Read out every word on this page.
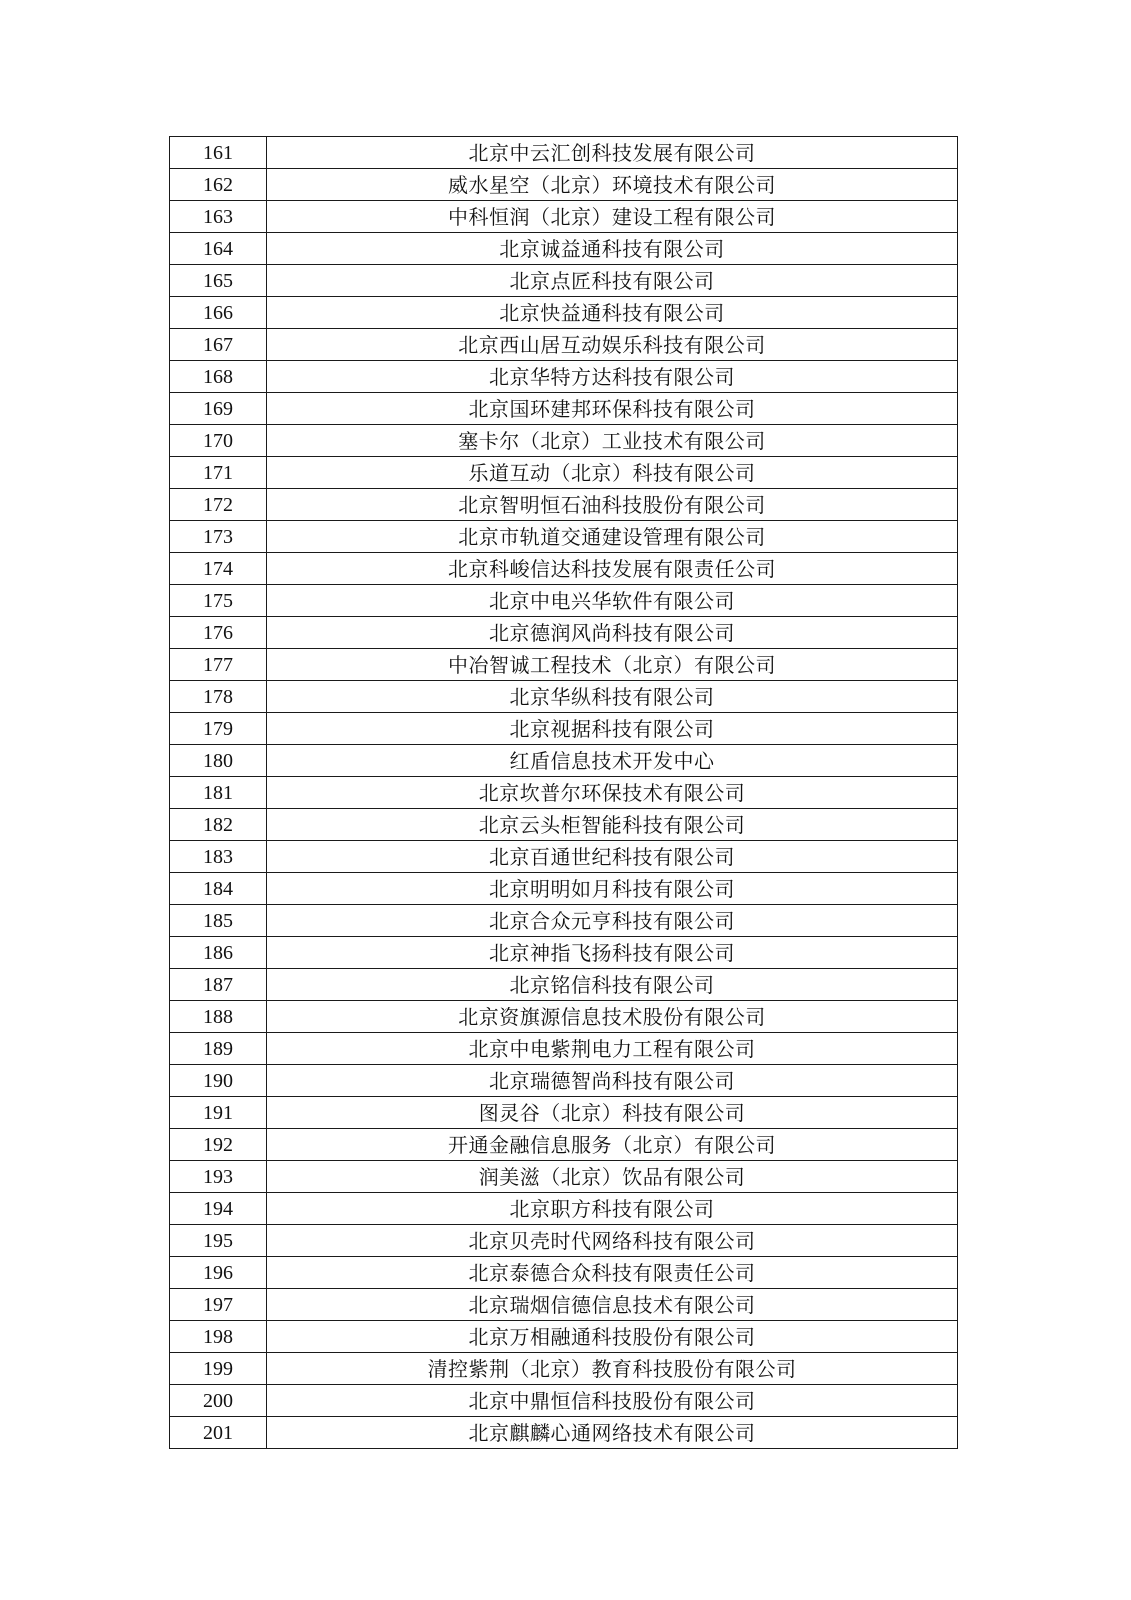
161	北京中云汇创科技发展有限公司
162	威水星空（北京）环境技术有限公司
163	中科恒润（北京）建设工程有限公司
164	北京诚益通科技有限公司
165	北京点匠科技有限公司
166	北京快益通科技有限公司
167	北京西山居互动娱乐科技有限公司
168	北京华特方达科技有限公司
169	北京国环建邦环保科技有限公司
170	塞卡尔（北京）工业技术有限公司
171	乐道互动（北京）科技有限公司
172	北京智明恒石油科技股份有限公司
173	北京市轨道交通建设管理有限公司
174	北京科峻信达科技发展有限责任公司
175	北京中电兴华软件有限公司
176	北京德润风尚科技有限公司
177	中冶智诚工程技术（北京）有限公司
178	北京华纵科技有限公司
179	北京视据科技有限公司
180	红盾信息技术开发中心
181	北京坎普尔环保技术有限公司
182	北京云头柜智能科技有限公司
183	北京百通世纪科技有限公司
184	北京明明如月科技有限公司
185	北京合众元亨科技有限公司
186	北京神指飞扬科技有限公司
187	北京铭信科技有限公司
188	北京资旗源信息技术股份有限公司
189	北京中电紫荆电力工程有限公司
190	北京瑞德智尚科技有限公司
191	图灵谷（北京）科技有限公司
192	开通金融信息服务（北京）有限公司
193	润美滋（北京）饮品有限公司
194	北京职方科技有限公司
195	北京贝壳时代网络科技有限公司
196	北京泰德合众科技有限责任公司
197	北京瑞烟信德信息技术有限公司
198	北京万相融通科技股份有限公司
199	清控紫荆（北京）教育科技股份有限公司
200	北京中鼎恒信科技股份有限公司
201	北京麒麟心通网络技术有限公司
